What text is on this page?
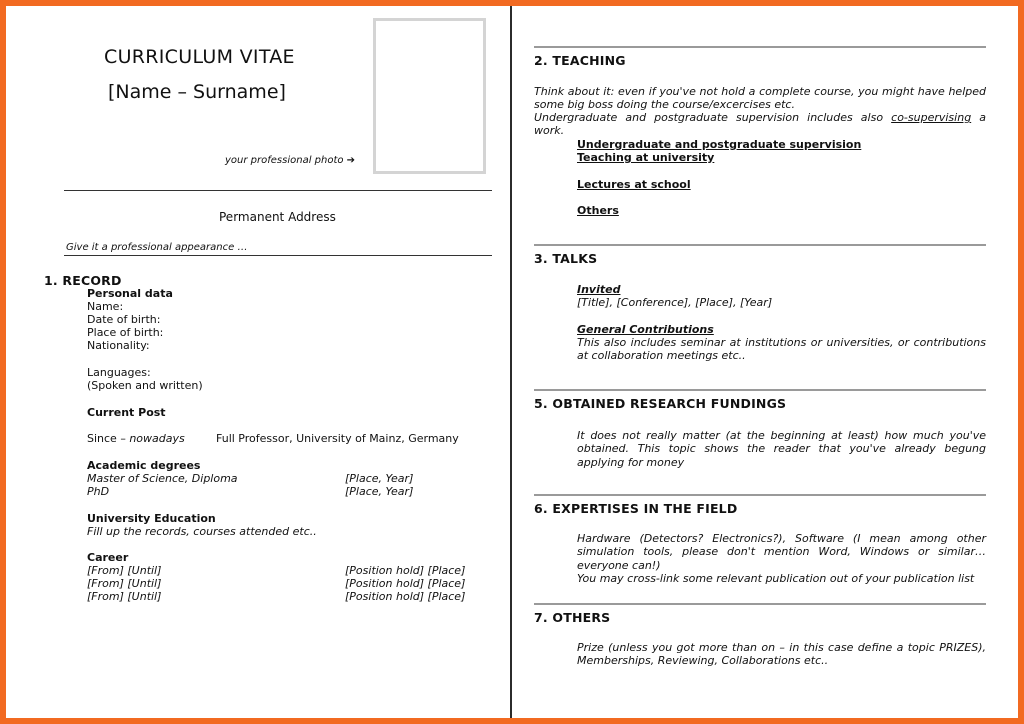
CURRICULUM VITAE
[Name – Surname]
your professional photo ➔
Permanent Address
Give it a professional appearance …
1. RECORD
Personal data
Name:
Date of birth:
Place of birth:
Nationality:
Languages:
(Spoken and written)
Current Post
Since – nowadays	Full Professor, University of Mainz, Germany
Academic degrees
Master of Science, Diploma	[Place, Year]
PhD	[Place, Year]
University Education
Fill up the records, courses attended etc..
Career
[From] [Until]	[Position hold] [Place]
[From] [Until]	[Position hold] [Place]
[From] [Until]	[Position hold] [Place]
2. TEACHING
Think about it: even if you've not hold a complete course, you might have helped some big boss doing the course/excercises etc.
Undergraduate and postgraduate supervision includes also co-supervising a work.
Undergraduate and postgraduate supervision
Teaching at university
Lectures at school
Others
3. TALKS
Invited
[Title], [Conference], [Place], [Year]
General Contributions
This also includes seminar at institutions or universities, or contributions at collaboration meetings etc..
5. OBTAINED RESEARCH FUNDINGS
It does not really matter (at the beginning at least) how much you've obtained. This topic shows the reader that you've already begung applying for money
6. EXPERTISES IN THE FIELD
Hardware (Detectors? Electronics?), Software (I mean among other simulation tools, please don't mention Word, Windows or similar…everyone can!)
You may cross-link some relevant publication out of your publication list
7. OTHERS
Prize (unless you got more than on – in this case define a topic PRIZES), Memberships, Reviewing, Collaborations etc..
